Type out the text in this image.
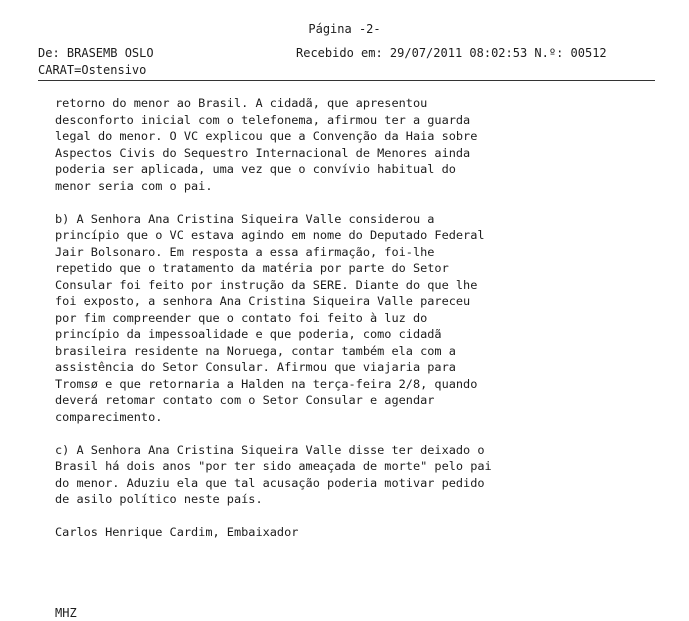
Página -2-
De: BRASEMB OSLO	Recebido em: 29/07/2011 08:02:53 N.º: 00512
CARAT=Ostensivo
retorno do menor ao Brasil. A cidadã, que apresentou
desconforto inicial com o telefonema, afirmou ter a guarda
legal do menor. O VC explicou que a Convenção da Haia sobre
Aspectos Civis do Sequestro Internacional de Menores ainda
poderia ser aplicada, uma vez que o convívio habitual do
menor seria com o pai.
b) A Senhora Ana Cristina Siqueira Valle considerou a
princípio que o VC estava agindo em nome do Deputado Federal
Jair Bolsonaro. Em resposta a essa afirmação, foi-lhe
repetido que o tratamento da matéria por parte do Setor
Consular foi feito por instrução da SERE. Diante do que lhe
foi exposto, a senhora Ana Cristina Siqueira Valle pareceu
por fim compreender que o contato foi feito à luz do
princípio da impessoalidade e que poderia, como cidadã
brasileira residente na Noruega, contar também ela com a
assistência do Setor Consular. Afirmou que viajaria para
Tromsø e que retornaria a Halden na terça-feira 2/8, quando
deverá retomar contato com o Setor Consular e agendar
comparecimento.
c) A Senhora Ana Cristina Siqueira Valle disse ter deixado o
Brasil há dois anos "por ter sido ameaçada de morte" pelo pai
do menor. Aduziu ela que tal acusação poderia motivar pedido
de asilo político neste país.
Carlos Henrique Cardim, Embaixador
MHZ
